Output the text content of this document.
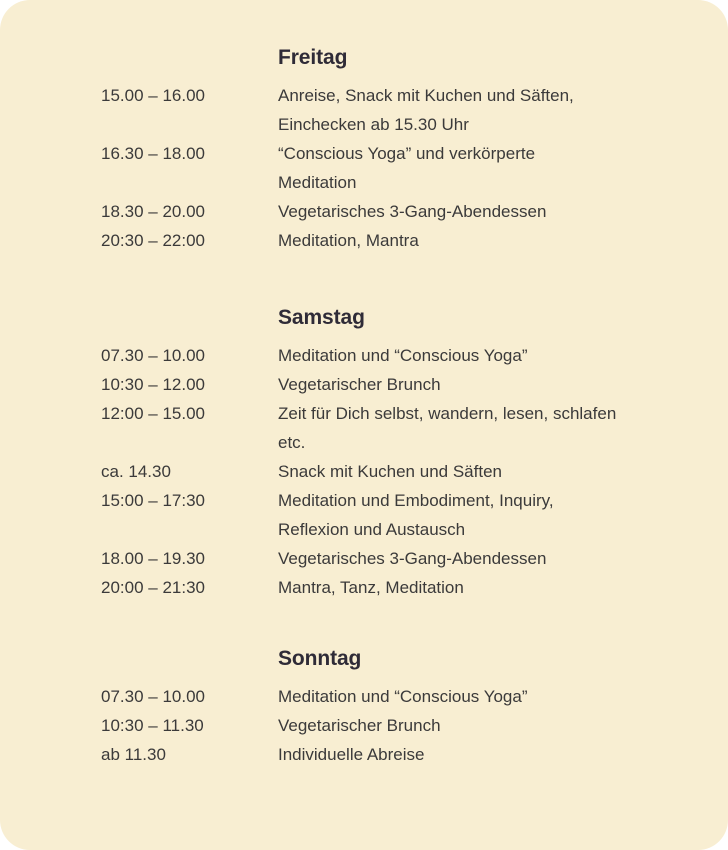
Freitag
15.00 – 16.00	Anreise, Snack mit Kuchen und Säften, Einchecken ab 15.30 Uhr
16.30 – 18.00	“Conscious Yoga” und verkörperte Meditation
18.30 – 20.00	Vegetarisches 3-Gang-Abendessen
20:30 – 22:00	Meditation, Mantra
Samstag
07.30 – 10.00	Meditation und “Conscious Yoga”
10:30 – 12.00	Vegetarischer Brunch
12:00 – 15.00	Zeit für Dich selbst, wandern, lesen, schlafen etc.
ca. 14.30	Snack mit Kuchen und Säften
15:00 – 17:30	Meditation und Embodiment, Inquiry, Reflexion und Austausch
18.00 – 19.30	Vegetarisches 3-Gang-Abendessen
20:00 – 21:30	Mantra, Tanz, Meditation
Sonntag
07.30 – 10.00	Meditation und “Conscious Yoga”
10:30 – 11.30	Vegetarischer Brunch
ab 11.30	Individuelle Abreise
